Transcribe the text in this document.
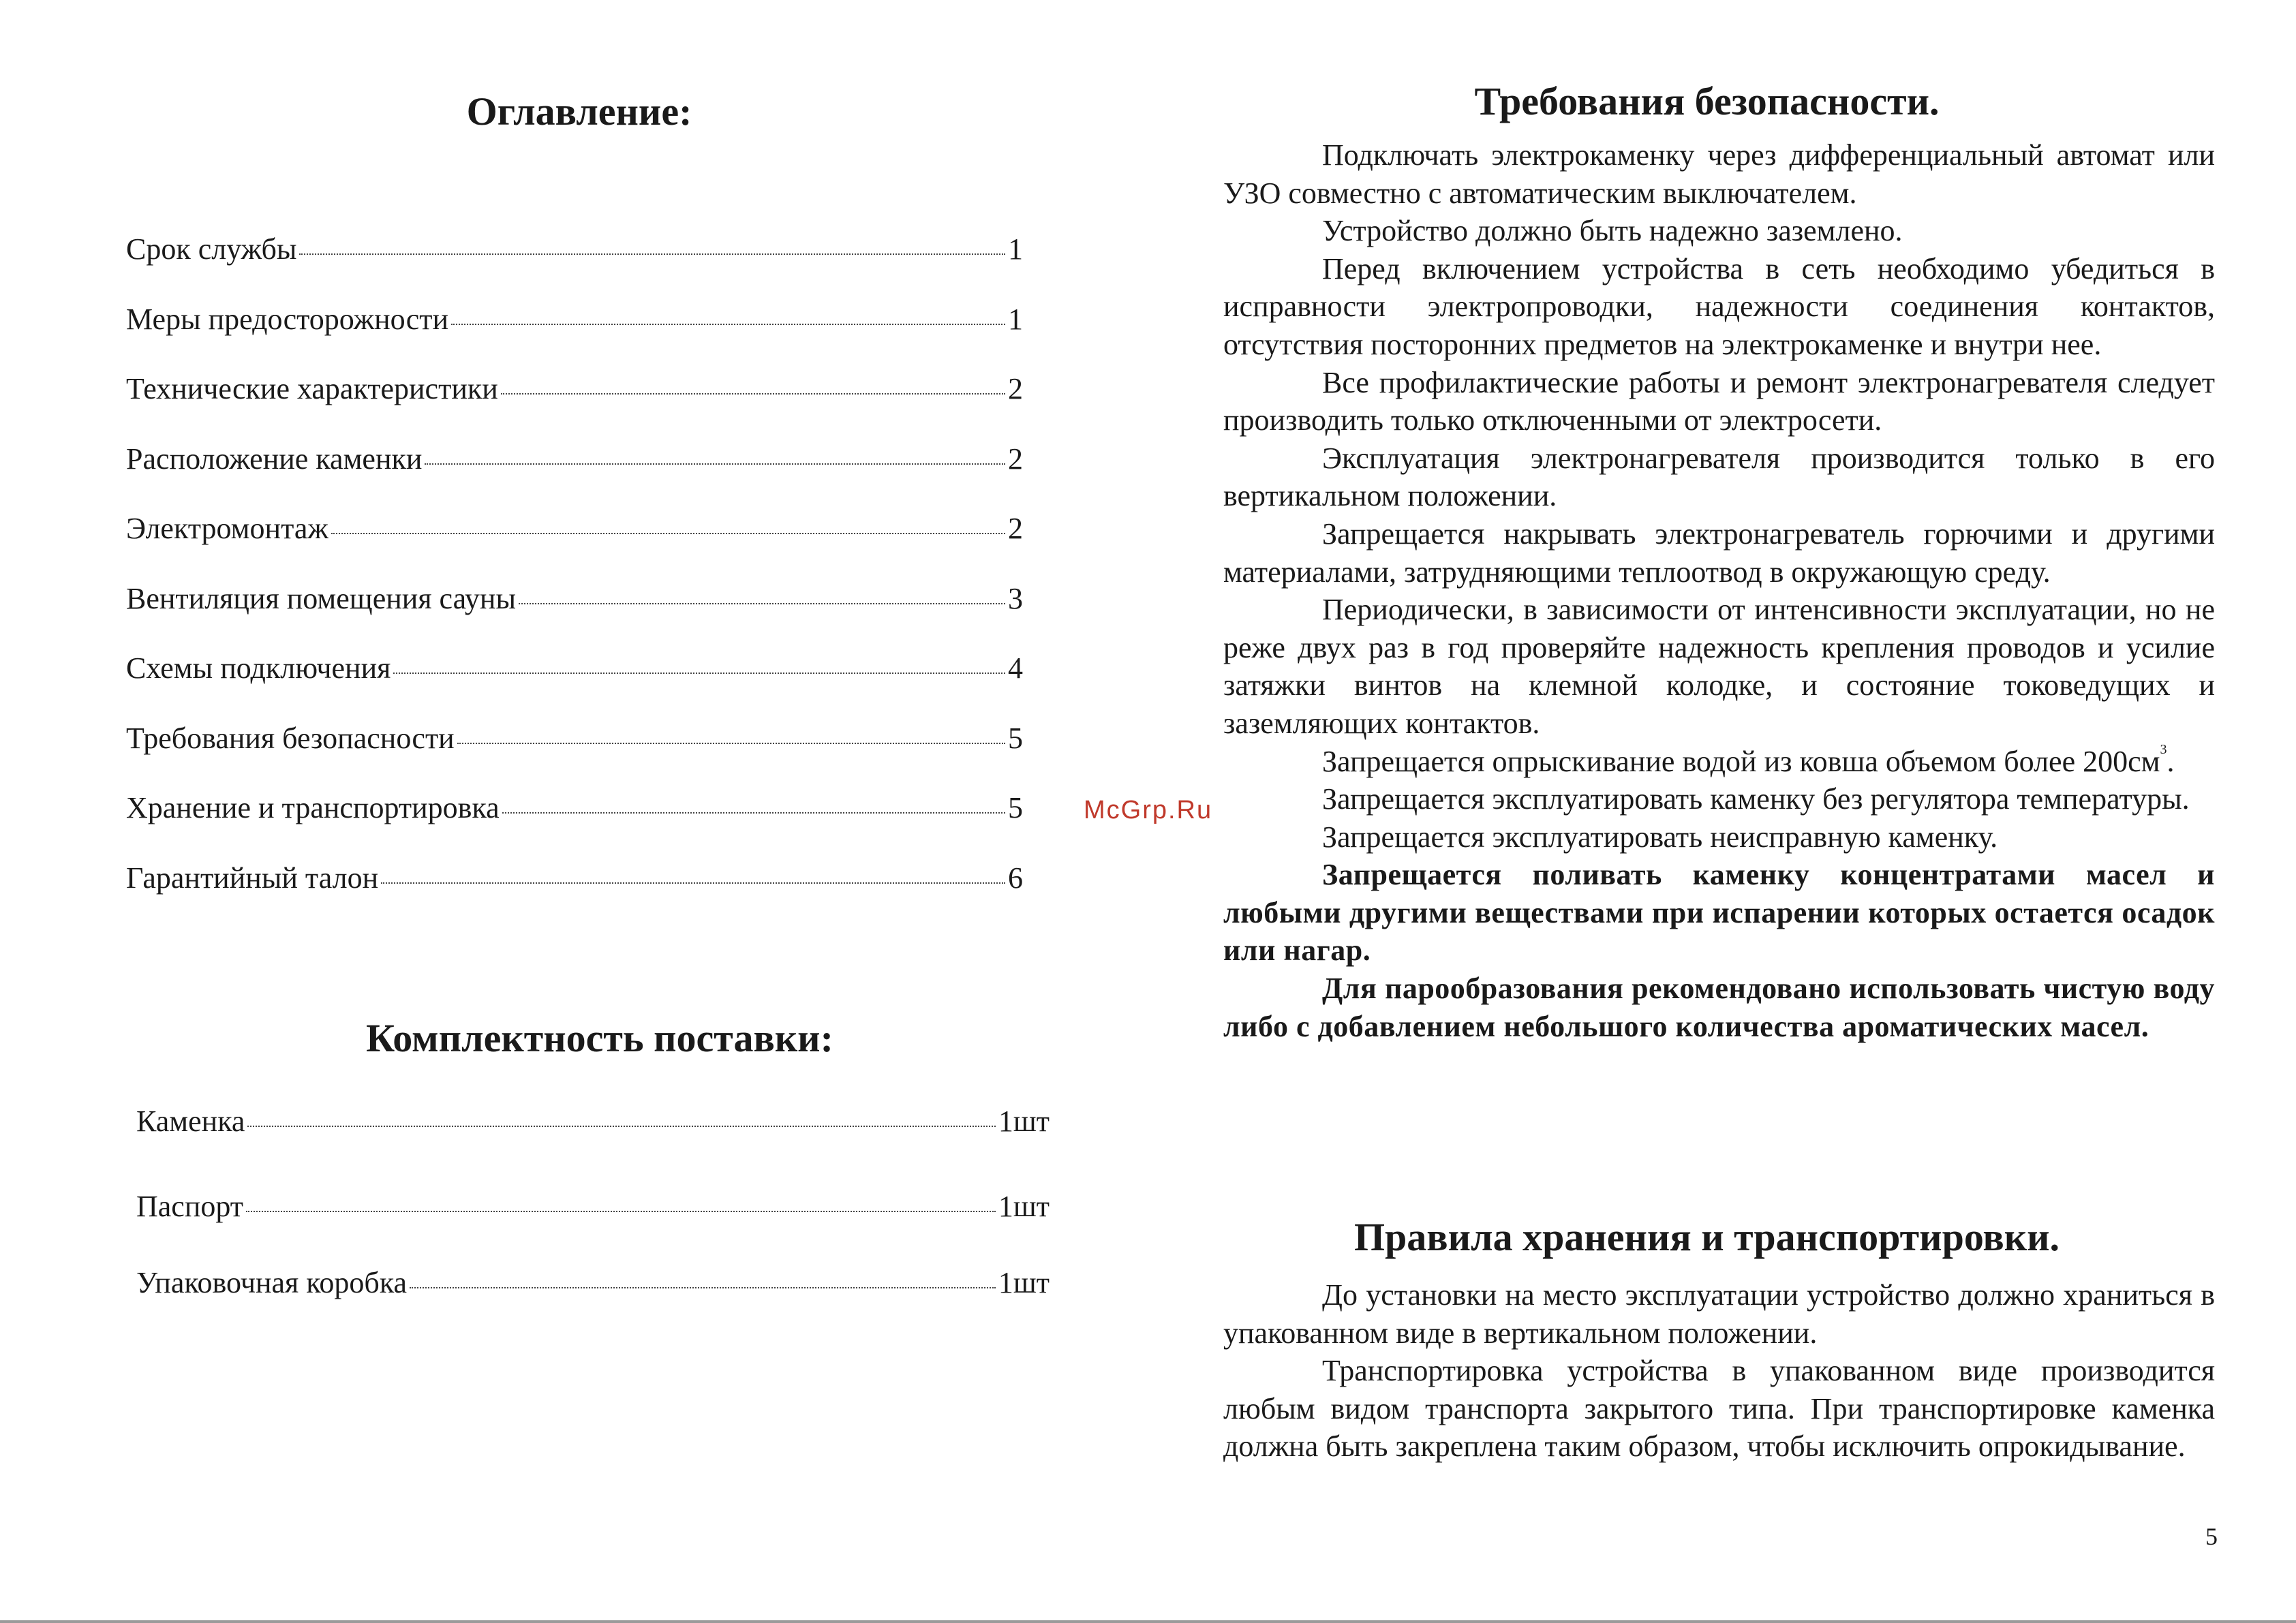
Оглавление:
Срок службы	1
Меры предосторожности	1
Технические характеристики	2
Расположение каменки	2
Электромонтаж	2
Вентиляция помещения сауны	3
Схемы подключения	4
Требования безопасности	5
Хранение и транспортировка	5
Гарантийный талон	6
Комплектность поставки:
Каменка	1шт
Паспорт	1шт
Упаковочная коробка	1шт

McGrp.Ru

Требования безопасности.

Подключать электрокаменку через дифференциальный автомат или УЗО совместно с автоматическим выключателем.

Устройство должно быть надежно заземлено.

Перед включением устройства в сеть необходимо убедиться в исправности электропроводки, надежности соединения контактов, отсутствия посторонних предметов на электрокаменке и внутри нее.

Все профилактические работы и ремонт электронагревателя следует производить только отключенными от электросети.

Эксплуатация электронагревателя производится только в его вертикальном положении.

Запрещается накрывать электронагреватель горючими и другими материалами, затрудняющими теплоотвод в окружающую среду.

Периодически, в зависимости от интенсивности эксплуатации, но не реже двух раз в год проверяйте надежность крепления проводов и усилие затяжки винтов на клемной колодке, и состояние токоведущих и заземляющих контактов.

Запрещается опрыскивание водой из ковша объемом более $200см^3$.

Запрещается эксплуатировать каменку без регулятора температуры.

Запрещается эксплуатировать неисправную каменку.

Запрещается поливать каменку концентратами масел и любыми другими веществами при испарении которых остается осадок или нагар.

Для парообразования рекомендовано использовать чистую воду либо с добавлением небольшого количества ароматических масел.

Правила хранения и транспортировки.

До установки на место эксплуатации устройство должно храниться в упакованном виде в вертикальном положении.

Транспортировка устройства в упакованном виде производится любым видом транспорта закрытого типа. При транспортировке каменка должна быть закреплена таким образом, чтобы исключить опрокидывание.

5
